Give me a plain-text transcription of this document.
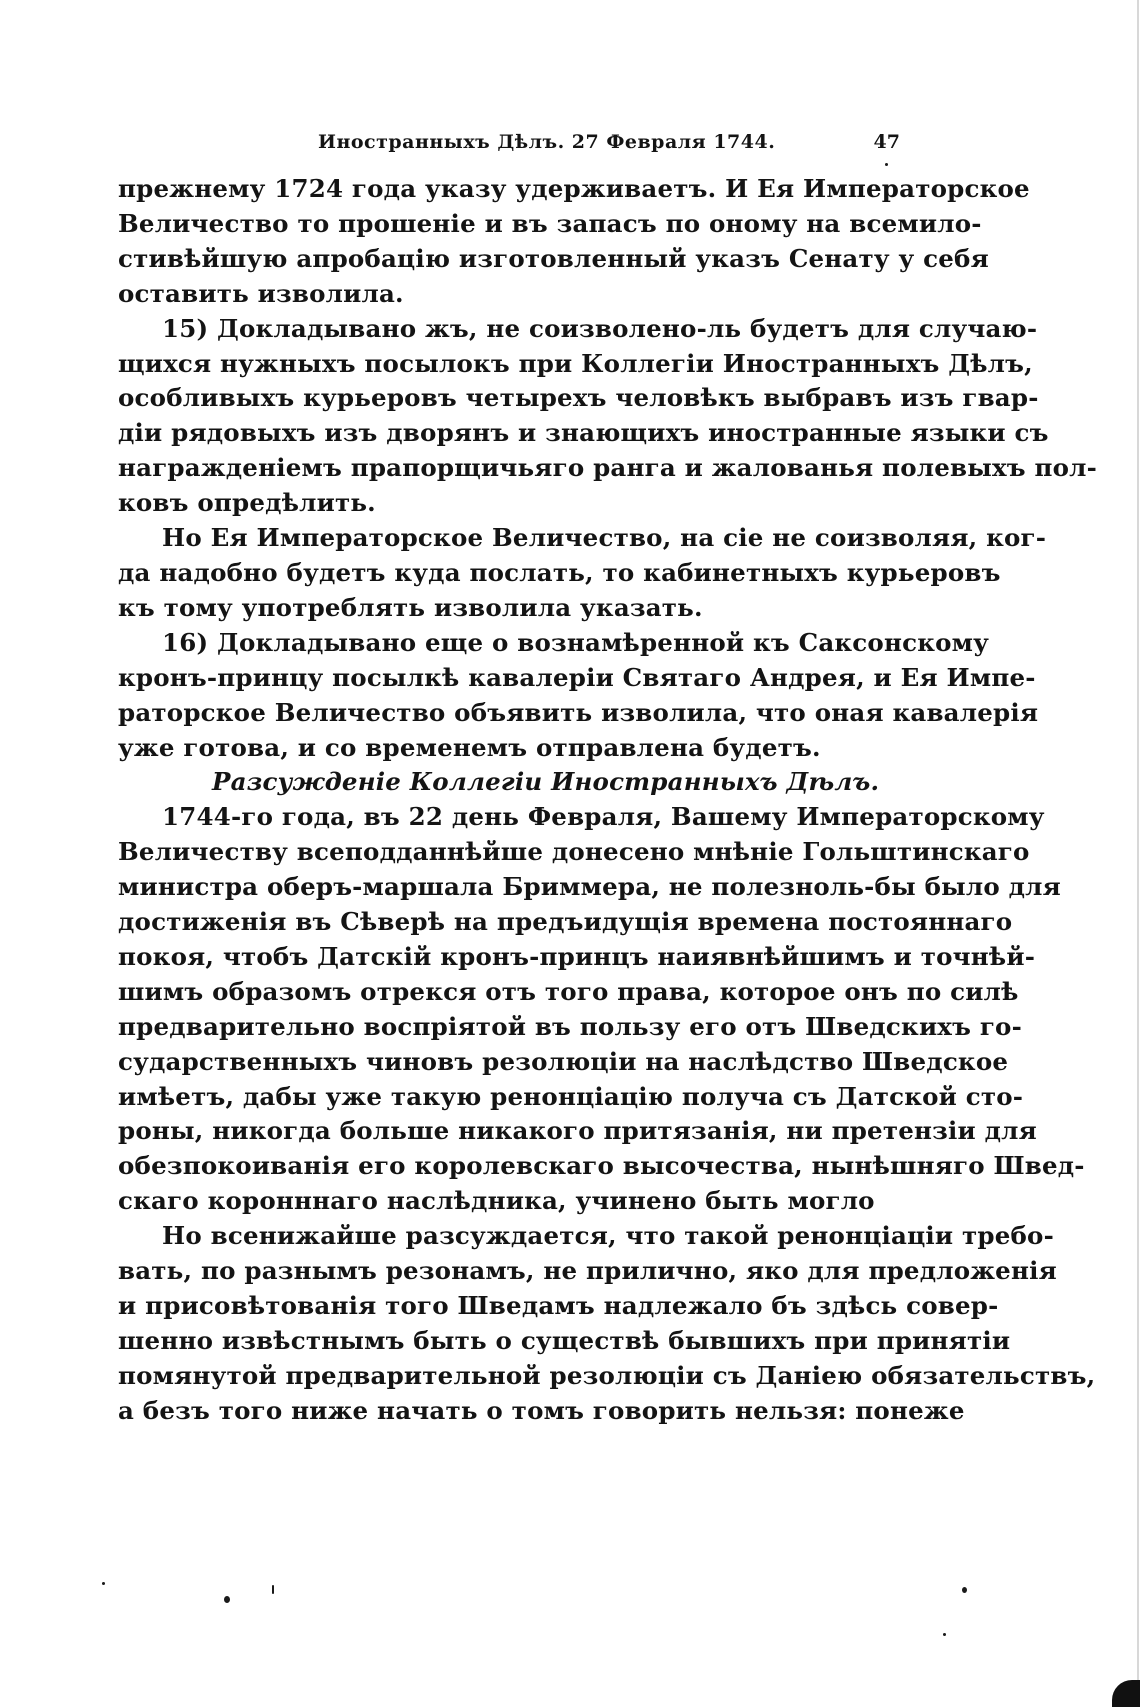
Иностранныхъ Дѣлъ. 27 Февраля 1744.	47
прежнему 1724 года указу удерживаетъ. И Ея Императорское
Величество то прошеніе и въ запасъ по оному на всемило-
стивѣйшую апробацію изготовленный указъ Сенату у себя
оставить изволила.
15) Докладывано жъ, не соизволено-ль будетъ для случаю-
щихся нужныхъ посылокъ при Коллегіи Иностранныхъ Дѣлъ,
особливыхъ курьеровъ четырехъ человѣкъ выбравъ изъ гвар-
діи рядовыхъ изъ дворянъ и знающихъ иностранные языки съ
награжденіемъ прапорщичьяго ранга и жалованья полевыхъ пол-
ковъ опредѣлить.
Но Ея Императорское Величество, на сіе не соизволяя, ког-
да надобно будетъ куда послать, то кабинетныхъ курьеровъ
къ тому употреблять изволила указать.
16) Докладывано еще о вознамѣренной къ Саксонскому
кронъ-принцу посылкѣ кавалеріи Святаго Андрея, и Ея Импе-
раторское Величество объявить изволила, что оная кавалерія
уже готова, и со временемъ отправлена будетъ.
Разсужденіе Коллегіи Иностранныхъ Дѣлъ.
1744-го года, въ 22 день Февраля, Вашему Императорскому
Величеству всеподданнѣйше донесено мнѣніе Гольштинскаго
министра оберъ-маршала Бриммера, не полезноль-бы было для
достиженія въ Сѣверѣ на предъидущія времена постояннаго
покоя, чтобъ Датскій кронъ-принцъ наиявнѣйшимъ и точнѣй-
шимъ образомъ отрекся отъ того права, которое онъ по силѣ
предварительно воспріятой въ пользу его отъ Шведскихъ го-
сударственныхъ чиновъ резолюціи на наслѣдство Шведское
имѣетъ, дабы уже такую ренонціацію получа съ Датской сто-
роны, никогда больше никакого притязанія, ни претензіи для
обезпокоиванія его королевскаго высочества, нынѣшняго Швед-
скаго коронннаго наслѣдника, учинено быть могло
Но всенижайше разсуждается, что такой ренонціаціи требо-
вать, по разнымъ резонамъ, не прилично, яко для предложенія
и присовѣтованія того Шведамъ надлежало бъ здѣсь совер-
шенно извѣстнымъ быть о существѣ бывшихъ при принятіи
помянутой предварительной резолюціи съ Даніею обязательствъ,
а безъ того ниже начать о томъ говорить нельзя: понеже
